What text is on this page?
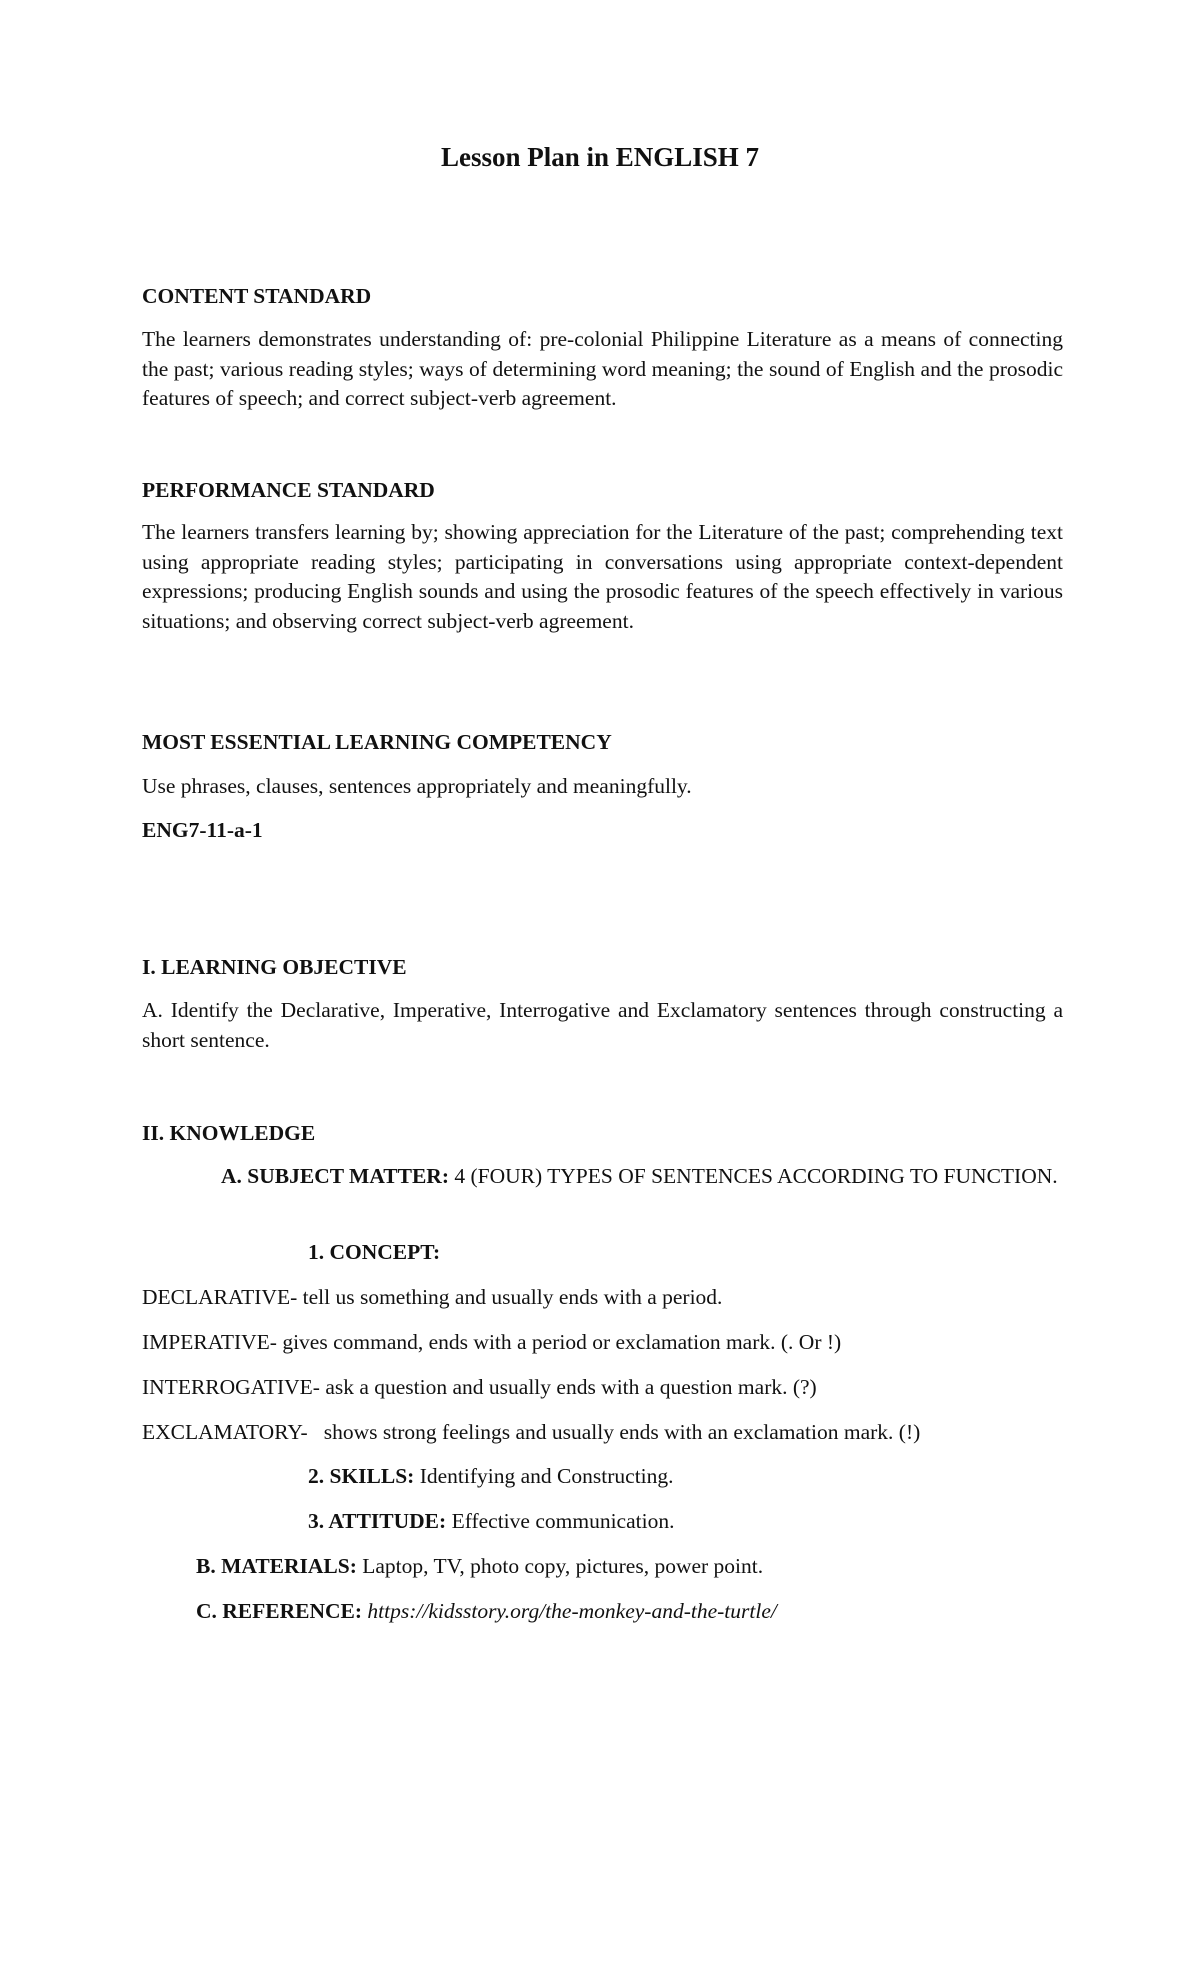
Lesson Plan in ENGLISH 7
CONTENT STANDARD

The learners demonstrates understanding of: pre-colonial Philippine Literature as a means of connecting the past; various reading styles; ways of determining word meaning; the sound of English and the prosodic features of speech; and correct subject-verb agreement.

PERFORMANCE STANDARD

The learners transfers learning by; showing appreciation for the Literature of the past; comprehending text using appropriate reading styles; participating in conversations using appropriate context-dependent expressions; producing English sounds and using the prosodic features of the speech effectively in various situations; and observing correct subject-verb agreement.

MOST ESSENTIAL LEARNING COMPETENCY
Use phrases, clauses, sentences appropriately and meaningfully.
ENG7-11-a-1
I. LEARNING OBJECTIVE

A. Identify the Declarative, Imperative, Interrogative and Exclamatory sentences through constructing a short sentence.

II. KNOWLEDGE

A. SUBJECT MATTER: 4 (FOUR) TYPES OF SENTENCES ACCORDING TO FUNCTION.

1. CONCEPT:
DECLARATIVE- tell us something and usually ends with a period.
IMPERATIVE- gives command, ends with a period or exclamation mark. (. Or !)
INTERROGATIVE- ask a question and usually ends with a question mark. (?)
EXCLAMATORY-   shows strong feelings and usually ends with an exclamation mark. (!)
2. SKILLS: Identifying and Constructing.
3. ATTITUDE: Effective communication.
B. MATERIALS: Laptop, TV, photo copy, pictures, power point.
C. REFERENCE: https://kidsstory.org/the-monkey-and-the-turtle/
